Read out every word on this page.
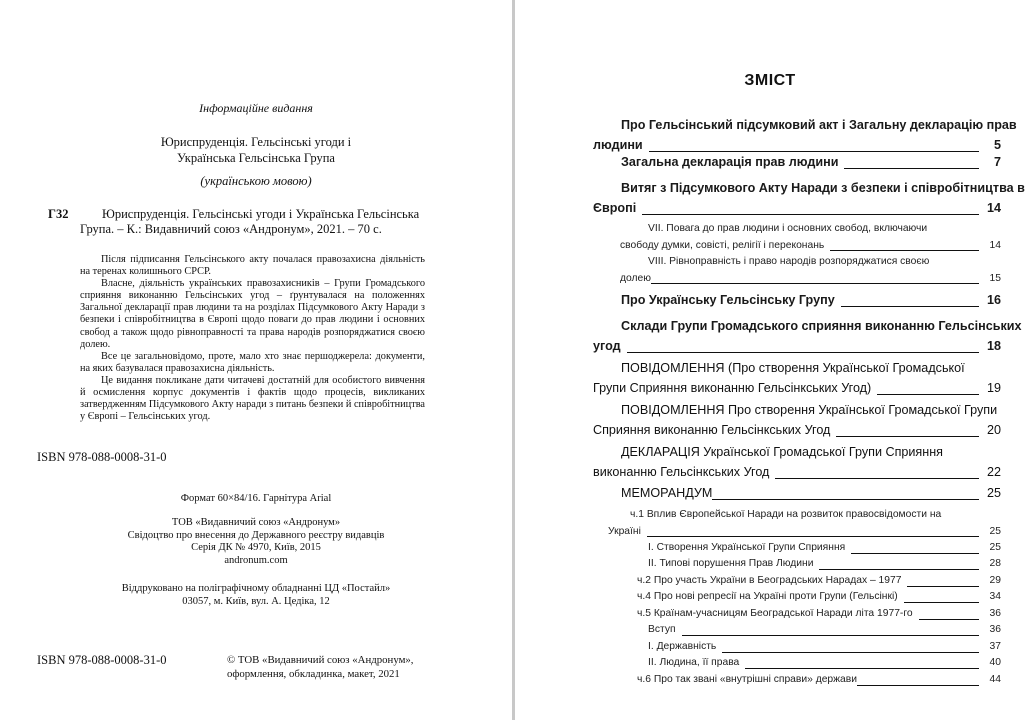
Інформаційне видання
Юриспруденція. Гельсінські угоди і
Українська Гельсінська Група
(українською мовою)
Г32	Юриспруденція. Гельсінські угоди і Українська Гельсінська Група. – К.: Видавничий союз «Андронум», 2021. – 70 с.

Після підписання Гельсінського акту почалася правозахисна діяльність на теренах колишнього СРСР.

Власне, діяльність українських правозахисників – Групи Громадського сприяння виконанню Гельсінських угод – ґрунтувалася на положеннях Загальної декларації прав людини та на розділах Підсумкового Акту Наради з безпеки і співробітництва в Європі щодо поваги до прав людини і основних свобод а також щодо рівноправності та права народів розпоряджатися своєю долею.

Все це загальновідомо, проте, мало хто знає першоджерела: документи, на яких базувалася правозахисна діяльність.

Це видання покликане дати читачеві достатній для особистого вивчення й осмислення корпус документів і фактів щодо процесів, викликаних затвердженням Підсумкового Акту наради з питань безпеки й співробітництва у Європі – Гельсінських угод.

ISBN 978-088-0008-31-0
Формат 60×84/16. Гарнітура Arial
ТОВ «Видавничий союз «Андронум»
Свідоцтво про внесення до Державного реєстру видавців
Серія ДК № 4970, Київ, 2015
andronum.com
Віддруковано на поліграфічному обладнанні ЦД «Постайл»
03057, м. Київ, вул. А. Цедіка, 12
ISBN 978-088-0008-31-0	© ТОВ «Видавничий союз «Андронум»,
оформлення, обкладинка, макет, 2021
ЗМІСТ
Про Гельсінський підсумковий акт і Загальну декларацію прав
людини	5
Загальна декларація прав людини	7
Витяг з Підсумкового Акту Наради з безпеки і співробітництва в
Європі	14
VII. Повага до прав людини і основних свобод, включаючи
свободу думки, совісті, релігії і переконань	14
VIII. Рівноправність і право народів розпоряджатися своєю
долею	15
Про Українську Гельсінську Групу	16
Склади Групи Громадського сприяння виконанню Гельсінських
угод	18
ПОВІДОМЛЕННЯ (Про створення Української Громадської
Групи Сприяння виконанню Гельсінкських Угод)	19
ПОВІДОМЛЕННЯ Про створення Української Громадської Групи
Сприяння виконанню Гельсінкських Угод	20
ДЕКЛАРАЦІЯ Української Громадської Групи Сприяння
виконанню Гельсінкських Угод	22
МЕМОРАНДУМ	25
ч.1 Вплив Європейської Наради на розвиток правосвідомости на
Україні	25
І. Створення Української Групи Сприяння	25
ІІ. Типові порушення Прав Людини	28
ч.2 Про участь України в Београдських Нарадах – 1977	29
ч.4 Про нові репресії на Україні проти Групи (Гельсінкі)	34
ч.5 Країнам-учасницям Београдської Наради літа 1977-го	36
Вступ	36
І. Державність	37
ІІ. Людина, її права	40
ч.6 Про так звані «внутрішні справи» держави	44
